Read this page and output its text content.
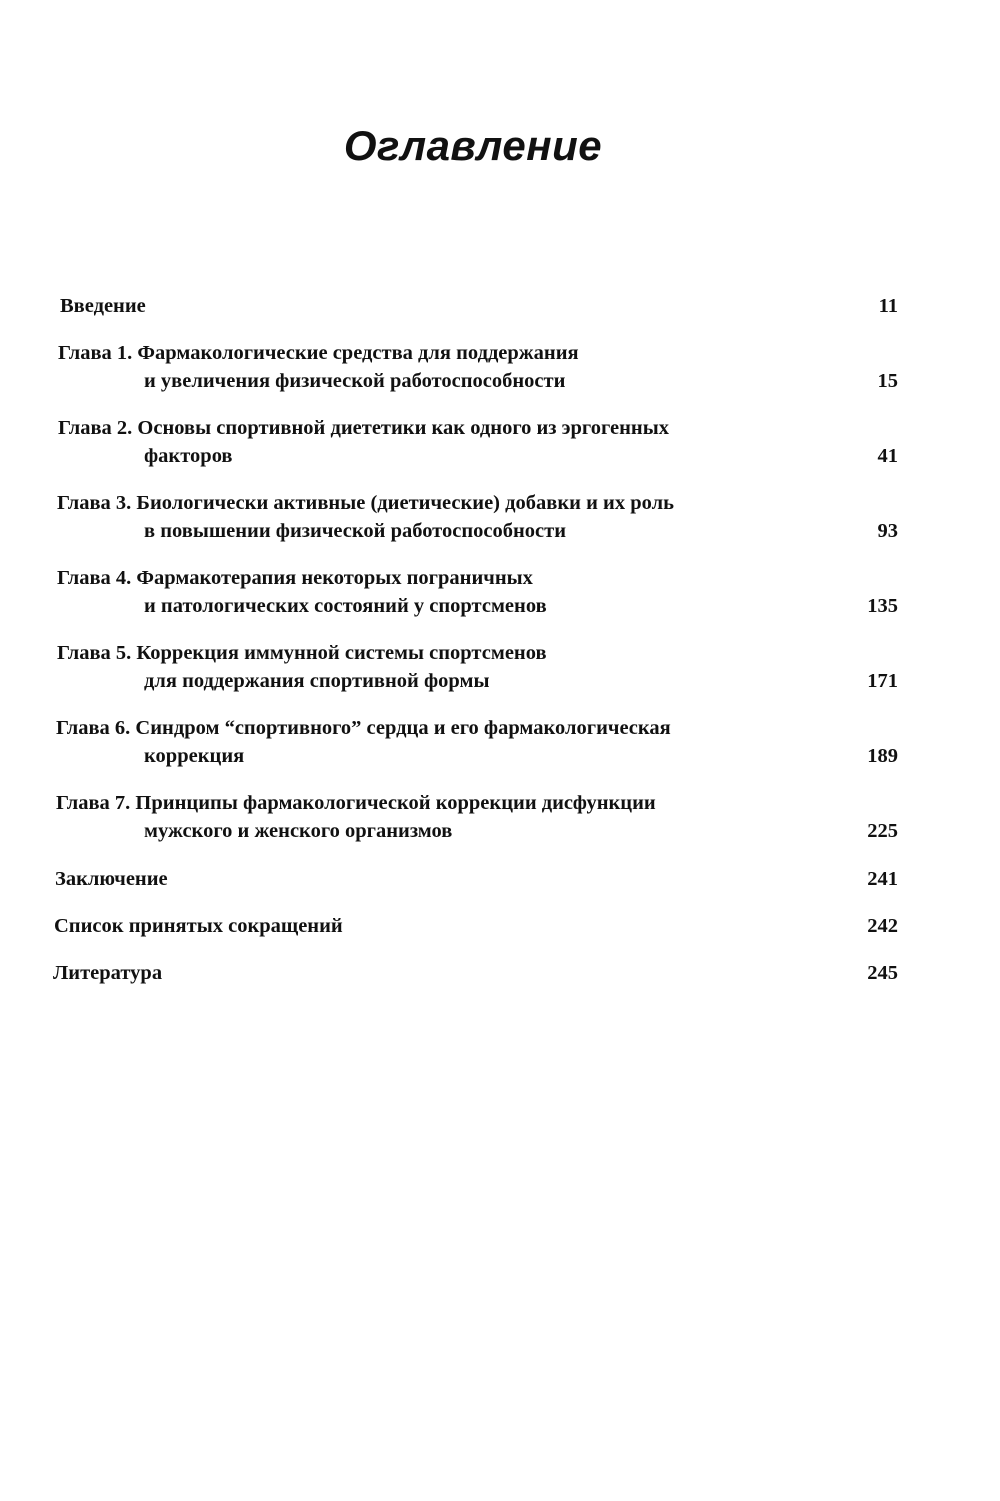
Оглавление
Введение	11
Глава 1. Фармакологические средства для поддержания
и увеличения физической работоспособности	15
Глава 2. Основы спортивной диететики как одного из эргогенных
факторов	41
Глава 3. Биологически активные (диетические) добавки и их роль
в повышении физической работоспособности	93
Глава 4. Фармакотерапия некоторых пограничных
и патологических состояний у спортсменов	135
Глава 5. Коррекция иммунной системы спортсменов
для поддержания спортивной формы	171
Глава 6. Синдром “спортивного” сердца и его фармакологическая
коррекция	189
Глава 7. Принципы фармакологической коррекции дисфункции
мужского и женского организмов	225
Заключение	241
Список принятых сокращений	242
Литература	245
